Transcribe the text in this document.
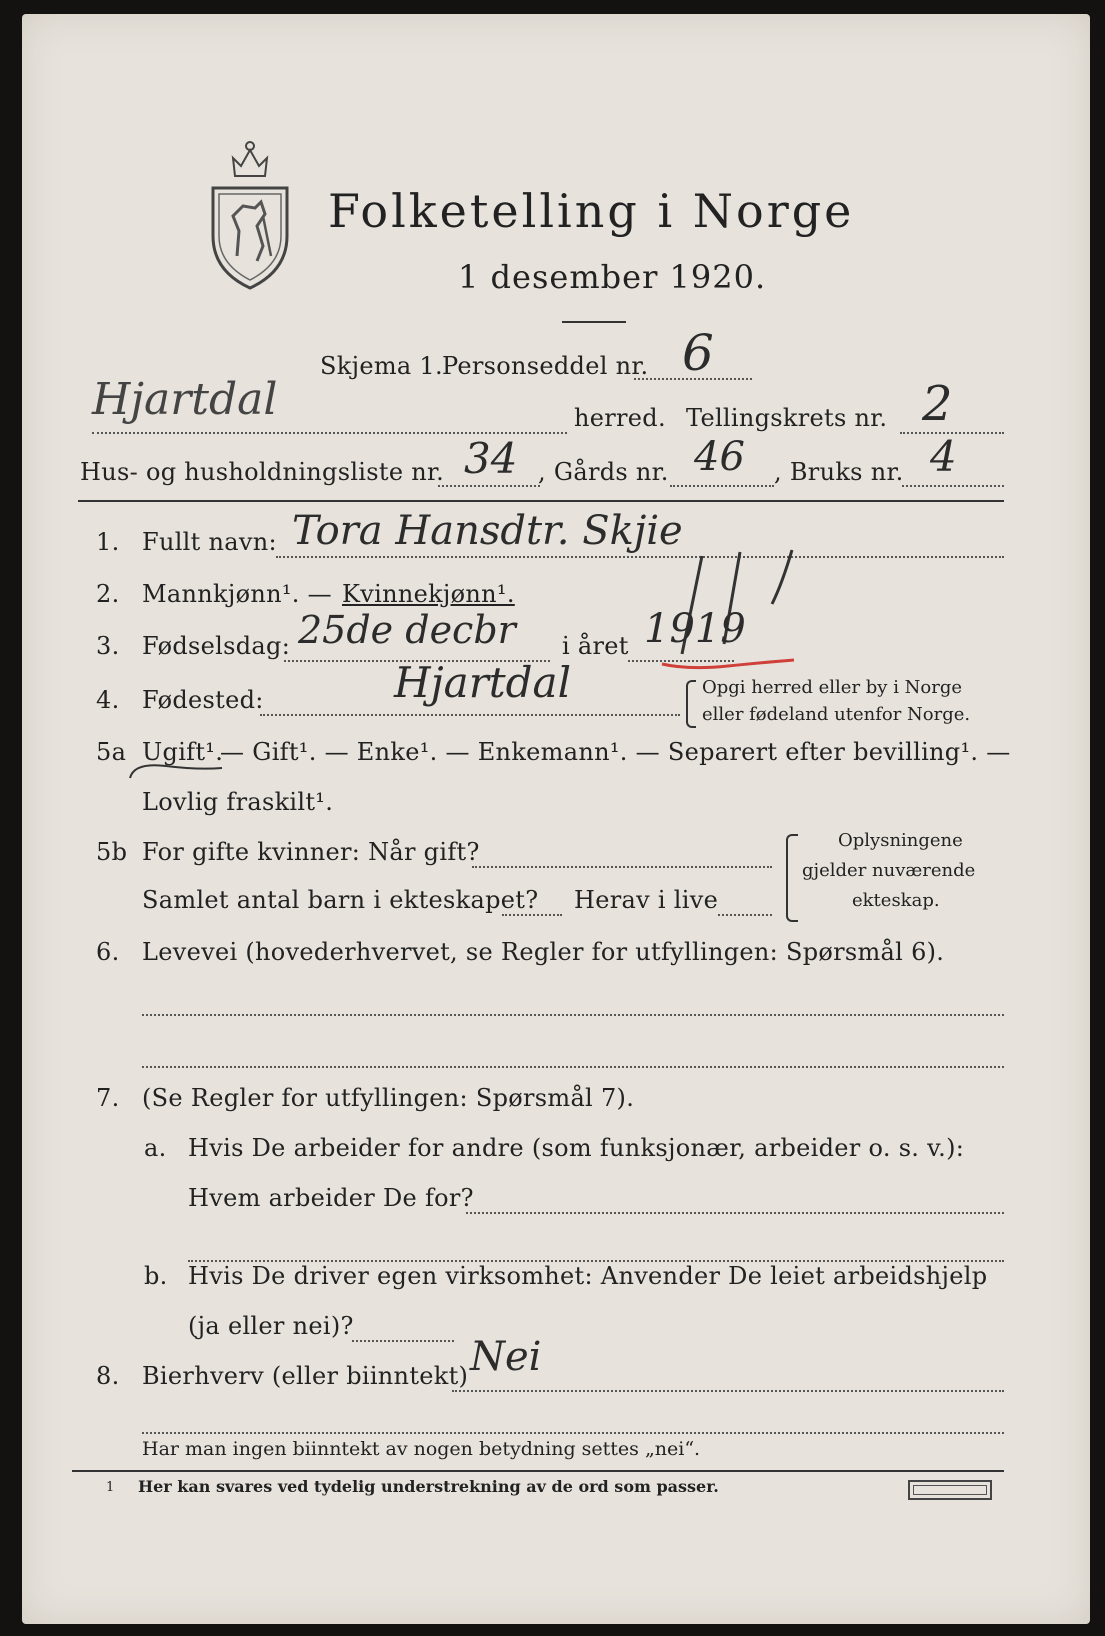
Folketelling i Norge
1 desember 1920.
Skjema 1. Personseddel nr. 6
Hjartdal	herred. Tellingskrets nr. 2
Hus- og husholdningsliste nr. 34 , Gårds nr. 46 , Bruks nr. 4
1. Fullt navn: Tora Hansdtr. Skjie
2. Mannkjønn¹. — Kvinnekjønn¹.
3. Fødselsdag: 25de decbr i året 1919
4. Fødested:	Hjartdal	Opgi herred eller by i Norge
eller fødeland utenfor Norge.
5a Ugift¹.
— Gift¹. — Enke¹. — Enkemann¹. — Separert efter bevilling¹. —
Lovlig fraskilt¹.
5b For gifte kvinner: Når gift?
Samlet antal barn i ekteskapet? Herav i live
Oplysningene
gjelder nuværende
ekteskap.
6. Levevei (hovederhvervet, se Regler for utfyllingen: Spørsmål 6).
7. (Se Regler for utfyllingen: Spørsmål 7).
a. Hvis De arbeider for andre (som funksjonær, arbeider o. s. v.):
Hvem arbeider De for?
b. Hvis De driver egen virksomhet: Anvender De leiet arbeidshjelp
(ja eller nei)?
8. Bierhverv (eller biinntekt) Nei
Har man ingen biinntekt av nogen betydning settes „nei“.
1 Her kan svares ved tydelig understrekning av de ord som passer.
